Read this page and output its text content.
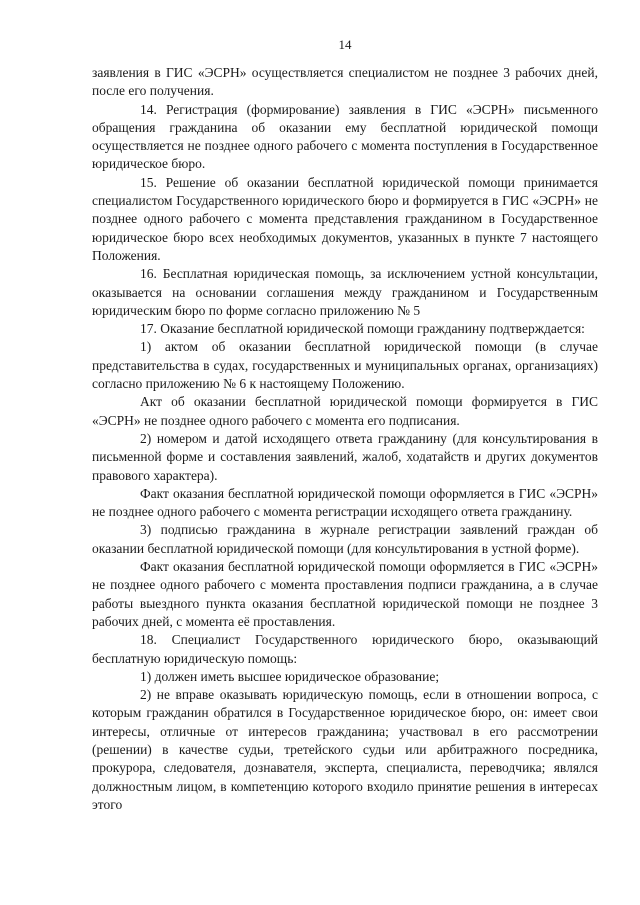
14

заявления в ГИС «ЭСРН» осуществляется специалистом не позднее 3 рабочих дней, после его получения.

14. Регистрация (формирование) заявления в ГИС «ЭСРН» письменного обращения гражданина об оказании ему бесплатной юридической помощи осуществляется не позднее одного рабочего с момента поступления в Государственное юридическое бюро.

15. Решение об оказании бесплатной юридической помощи принимается специалистом Государственного юридического бюро и формируется в ГИС «ЭСРН» не позднее одного рабочего с момента представления гражданином в Государственное юридическое бюро всех необходимых документов, указанных в пункте 7 настоящего Положения.

16. Бесплатная юридическая помощь, за исключением устной консультации, оказывается на основании соглашения между гражданином и Государственным юридическим бюро по форме согласно приложению № 5

17. Оказание бесплатной юридической помощи гражданину подтверждается:

1) актом об оказании бесплатной юридической помощи (в случае представительства в судах, государственных и муниципальных органах, организациях) согласно приложению № 6 к настоящему Положению.

Акт об оказании бесплатной юридической помощи формируется в ГИС «ЭСРН» не позднее одного рабочего с момента его подписания.

2) номером и датой исходящего ответа гражданину (для консультирования в письменной форме и составления заявлений, жалоб, ходатайств и других документов правового характера).

Факт оказания бесплатной юридической помощи оформляется в ГИС «ЭСРН» не позднее одного рабочего с момента регистрации исходящего ответа гражданину.

3) подписью гражданина в журнале регистрации заявлений граждан об оказании бесплатной юридической помощи (для консультирования в устной форме).

Факт оказания бесплатной юридической помощи оформляется в ГИС «ЭСРН» не позднее одного рабочего с момента проставления подписи гражданина, а в случае работы выездного пункта оказания бесплатной юридической помощи не позднее 3 рабочих дней, с момента её проставления.

18. Специалист Государственного юридического бюро, оказывающий бесплатную юридическую помощь:

1) должен иметь высшее юридическое образование;

2) не вправе оказывать юридическую помощь, если в отношении вопроса, с которым гражданин обратился в Государственное юридическое бюро, он: имеет свои интересы, отличные от интересов гражданина; участвовал в его рассмотрении (решении) в качестве судьи, третейского судьи или арбитражного посредника, прокурора, следователя, дознавателя, эксперта, специалиста, переводчика; являлся должностным лицом, в компетенцию которого входило принятие решения в интересах этого
